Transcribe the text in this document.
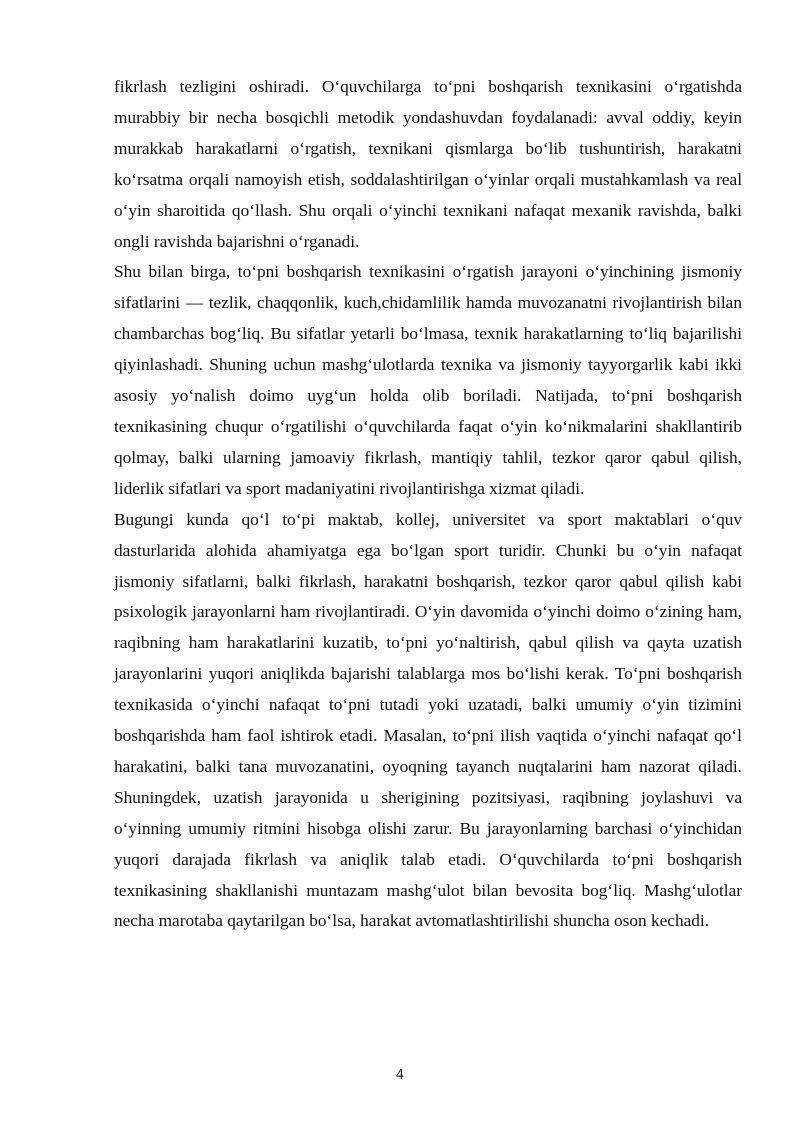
fikrlash tezligini oshiradi. O‘quvchilarga to‘pni boshqarish texnikasini o‘rgatishda murabbiy bir necha bosqichli metodik yondashuvdan foydalanadi: avval oddiy, keyin murakkab harakatlarni o‘rgatish, texnikani qismlarga bo‘lib tushuntirish, harakatni ko‘rsatma orqali namoyish etish, soddalashtirilgan o‘yinlar orqali mustahkamlash va real o‘yin sharoitida qo‘llash. Shu orqali o‘yinchi texnikani nafaqat mexanik ravishda, balki ongli ravishda bajarishni o‘rganadi.

Shu bilan birga, to‘pni boshqarish texnikasini o‘rgatish jarayoni o‘yinchining jismoniy sifatlarini — tezlik, chaqqonlik, kuch,chidamlilik hamda muvozanatni rivojlantirish bilan chambarchas bog‘liq. Bu sifatlar yetarli bo‘lmasa, texnik harakatlarning to‘liq bajarilishi qiyinlashadi. Shuning uchun mashg‘ulotlarda texnika va jismoniy tayyorgarlik kabi ikki asosiy yo‘nalish doimo uyg‘un holda olib boriladi. Natijada, to‘pni boshqarish texnikasining chuqur o‘rgatilishi o‘quvchilarda faqat o‘yin ko‘nikmalarini shakllantirib qolmay, balki ularning jamoaviy fikrlash, mantiqiy tahlil, tezkor qaror qabul qilish, liderlik sifatlari va sport madaniyatini rivojlantirishga xizmat qiladi.

Bugungi kunda qo‘l to‘pi maktab, kollej, universitet va sport maktablari o‘quv dasturlarida alohida ahamiyatga ega bo‘lgan sport turidir. Chunki bu o‘yin nafaqat jismoniy sifatlarni, balki fikrlash, harakatni boshqarish, tezkor qaror qabul qilish kabi psixologik jarayonlarni ham rivojlantiradi. O‘yin davomida o‘yinchi doimo o‘zining ham, raqibning ham harakatlarini kuzatib, to‘pni yo‘naltirish, qabul qilish va qayta uzatish jarayonlarini yuqori aniqlikda bajarishi talablarga mos bo‘lishi kerak. To‘pni boshqarish texnikasida o‘yinchi nafaqat to‘pni tutadi yoki uzatadi, balki umumiy o‘yin tizimini boshqarishda ham faol ishtirok etadi. Masalan, to‘pni ilish vaqtida o‘yinchi nafaqat qo‘l harakatini, balki tana muvozanatini, oyoqning tayanch nuqtalarini ham nazorat qiladi. Shuningdek, uzatish jarayonida u sherigining pozitsiyasi, raqibning joylashuvi va o‘yinning umumiy ritmini hisobga olishi zarur. Bu jarayonlarning barchasi o‘yinchidan yuqori darajada fikrlash va aniqlik talab etadi. O‘quvchilarda to‘pni boshqarish texnikasining shakllanishi muntazam mashg‘ulot bilan bevosita bog‘liq. Mashg‘ulotlar necha marotaba qaytarilgan bo‘lsa, harakat avtomatlashtirilishi shuncha oson kechadi.

4
